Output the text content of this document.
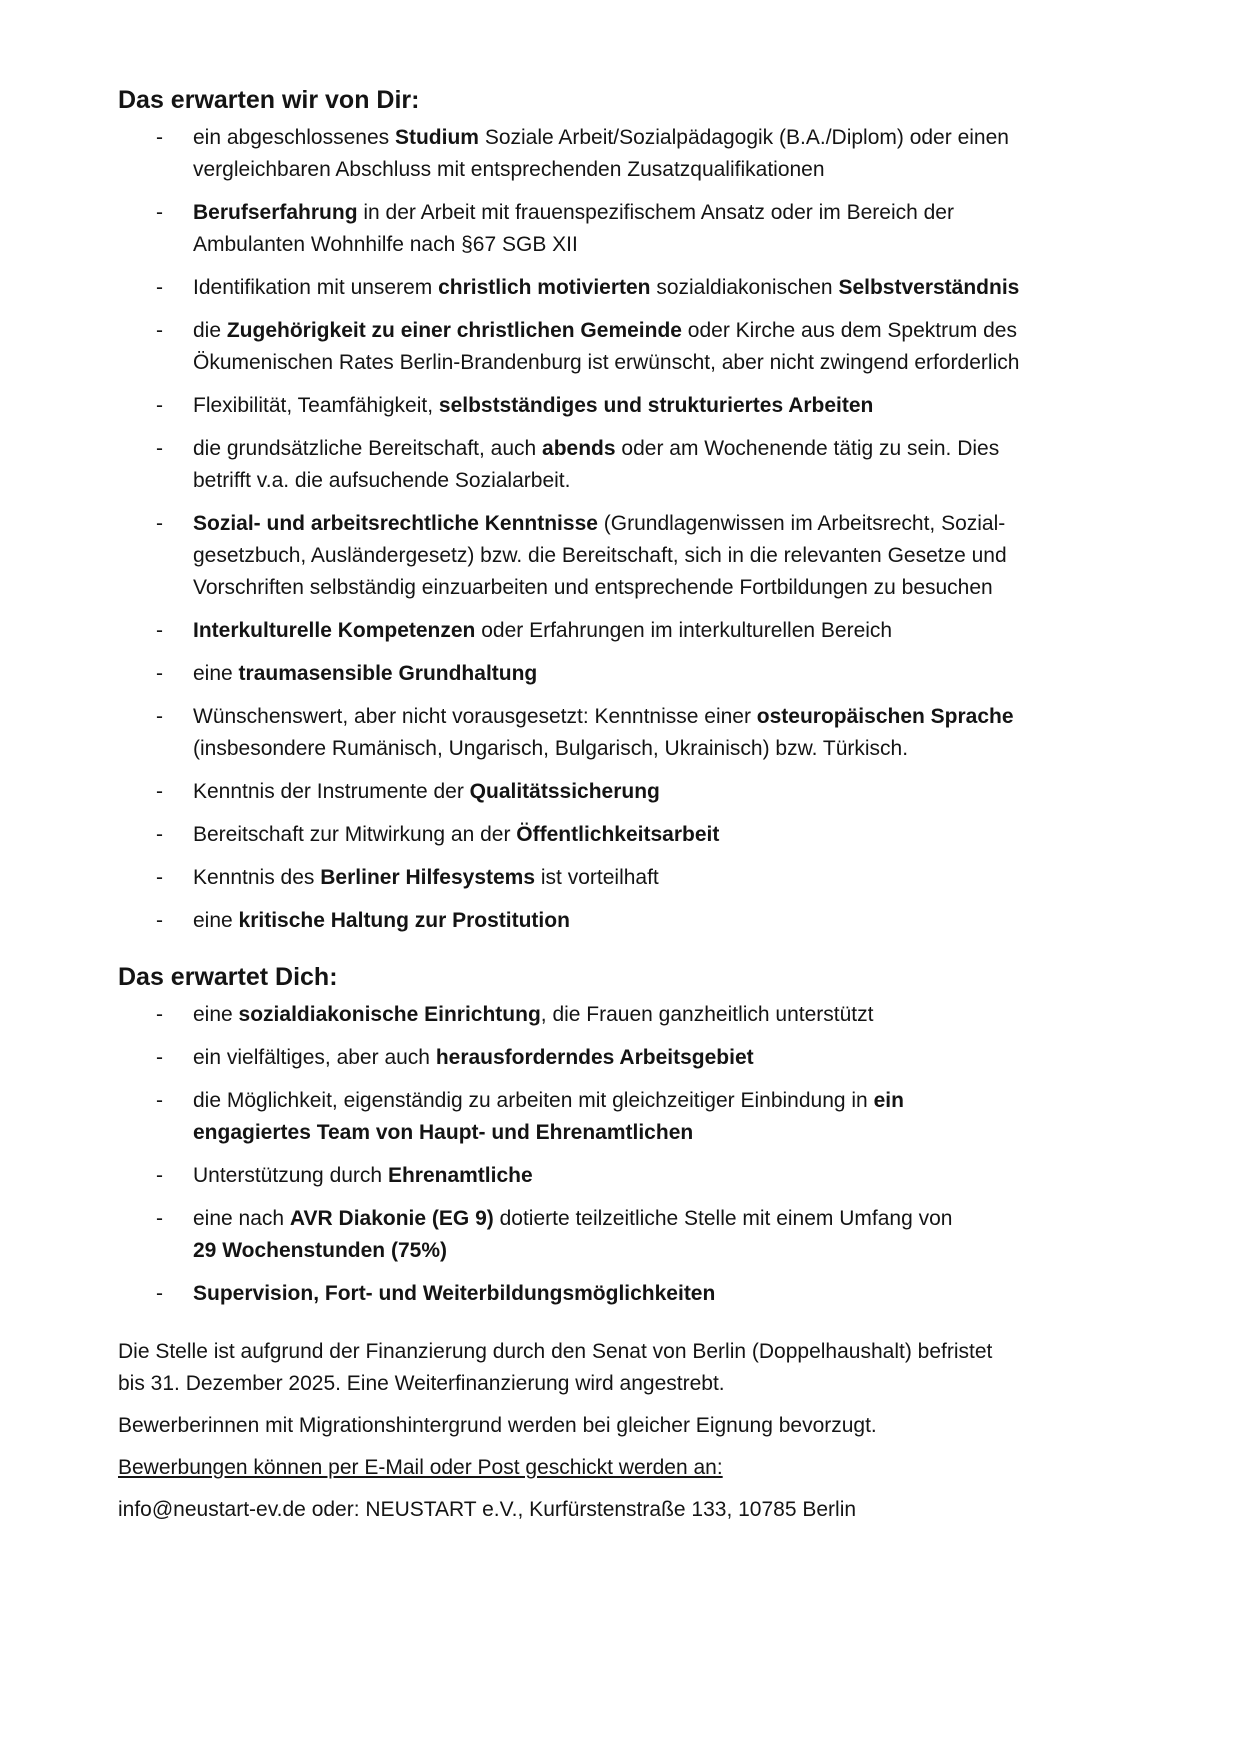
Das erwarten wir von Dir:
- ein abgeschlossenes Studium Soziale Arbeit/Sozialpädagogik (B.A./Diplom) oder einen
vergleichbaren Abschluss mit entsprechenden Zusatzqualifikationen
- Berufserfahrung in der Arbeit mit frauenspezifischem Ansatz oder im Bereich der
Ambulanten Wohnhilfe nach §67 SGB XII
- Identifikation mit unserem christlich motivierten sozialdiakonischen Selbstverständnis
- die Zugehörigkeit zu einer christlichen Gemeinde oder Kirche aus dem Spektrum des
Ökumenischen Rates Berlin-Brandenburg ist erwünscht, aber nicht zwingend erforderlich
- Flexibilität, Teamfähigkeit, selbstständiges und strukturiertes Arbeiten
- die grundsätzliche Bereitschaft, auch abends oder am Wochenende tätig zu sein. Dies
betrifft v.a. die aufsuchende Sozialarbeit.
- Sozial- und arbeitsrechtliche Kenntnisse (Grundlagenwissen im Arbeitsrecht, Sozial-
gesetzbuch, Ausländergesetz) bzw. die Bereitschaft, sich in die relevanten Gesetze und
Vorschriften selbständig einzuarbeiten und entsprechende Fortbildungen zu besuchen
- Interkulturelle Kompetenzen oder Erfahrungen im interkulturellen Bereich
- eine traumasensible Grundhaltung
- Wünschenswert, aber nicht vorausgesetzt: Kenntnisse einer osteuropäischen Sprache
(insbesondere Rumänisch, Ungarisch, Bulgarisch, Ukrainisch) bzw. Türkisch.
- Kenntnis der Instrumente der Qualitätssicherung
- Bereitschaft zur Mitwirkung an der Öffentlichkeitsarbeit
- Kenntnis des Berliner Hilfesystems ist vorteilhaft
- eine kritische Haltung zur Prostitution
Das erwartet Dich:
- eine sozialdiakonische Einrichtung, die Frauen ganzheitlich unterstützt
- ein vielfältiges, aber auch herausforderndes Arbeitsgebiet
- die Möglichkeit, eigenständig zu arbeiten mit gleichzeitiger Einbindung in ein
engagiertes Team von Haupt- und Ehrenamtlichen
- Unterstützung durch Ehrenamtliche
- eine nach AVR Diakonie (EG 9) dotierte teilzeitliche Stelle mit einem Umfang von
29 Wochenstunden (75%)
- Supervision, Fort- und Weiterbildungsmöglichkeiten

Die Stelle ist aufgrund der Finanzierung durch den Senat von Berlin (Doppelhaushalt) befristet
bis 31. Dezember 2025. Eine Weiterfinanzierung wird angestrebt.

Bewerberinnen mit Migrationshintergrund werden bei gleicher Eignung bevorzugt.

Bewerbungen können per E-Mail oder Post geschickt werden an:

info@neustart-ev.de oder: NEUSTART e.V., Kurfürstenstraße 133, 10785 Berlin
